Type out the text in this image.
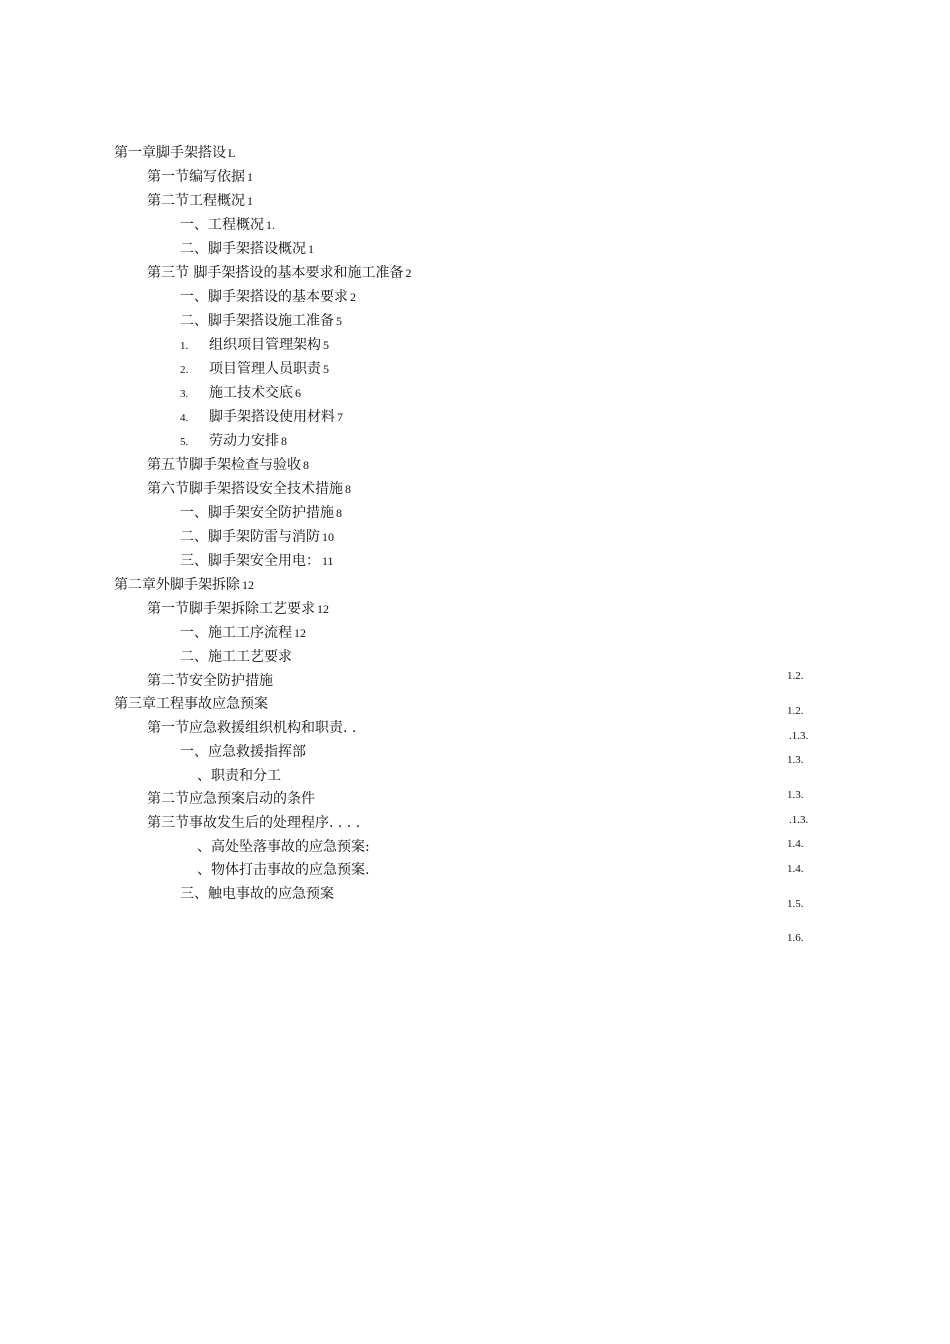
第一章脚手架搭设 L
第一节编写依据 1
第二节工程概况 1
一、工程概况 1.
二、脚手架搭设概况 1
第三节 脚手架搭设的基本要求和施工准备 2
一、脚手架搭设的基本要求 2
二、脚手架搭设施工准备 5
1. 组织项目管理架构 5
2. 项目管理人员职责 5
3. 施工技术交底 6
4. 脚手架搭设使用材料 7
5. 劳动力安排 8
第五节脚手架检查与验收 8
第六节脚手架搭设安全技术措施 8
一、脚手架安全防护措施 8
二、脚手架防雷与消防 10
三、脚手架安全用电： 11
第二章外脚手架拆除 12
第一节脚手架拆除工艺要求 12
一、施工工序流程 12
二、施工工艺要求
第二节安全防护措施
第三章工程事故应急预案
第一节应急救援组织机构和职责. .
一、应急救援指挥部
、职责和分工
第二节应急预案启动的条件
第三节事故发生后的处理程序. . . .
、高处坠落事故的应急预案:
、物体打击事故的应急预案.
三、触电事故的应急预案
1.2.
1.2.
.1.3.
1.3.
1.3.
.1.3.
1.4.
1.4.
1.5.
1.6.
